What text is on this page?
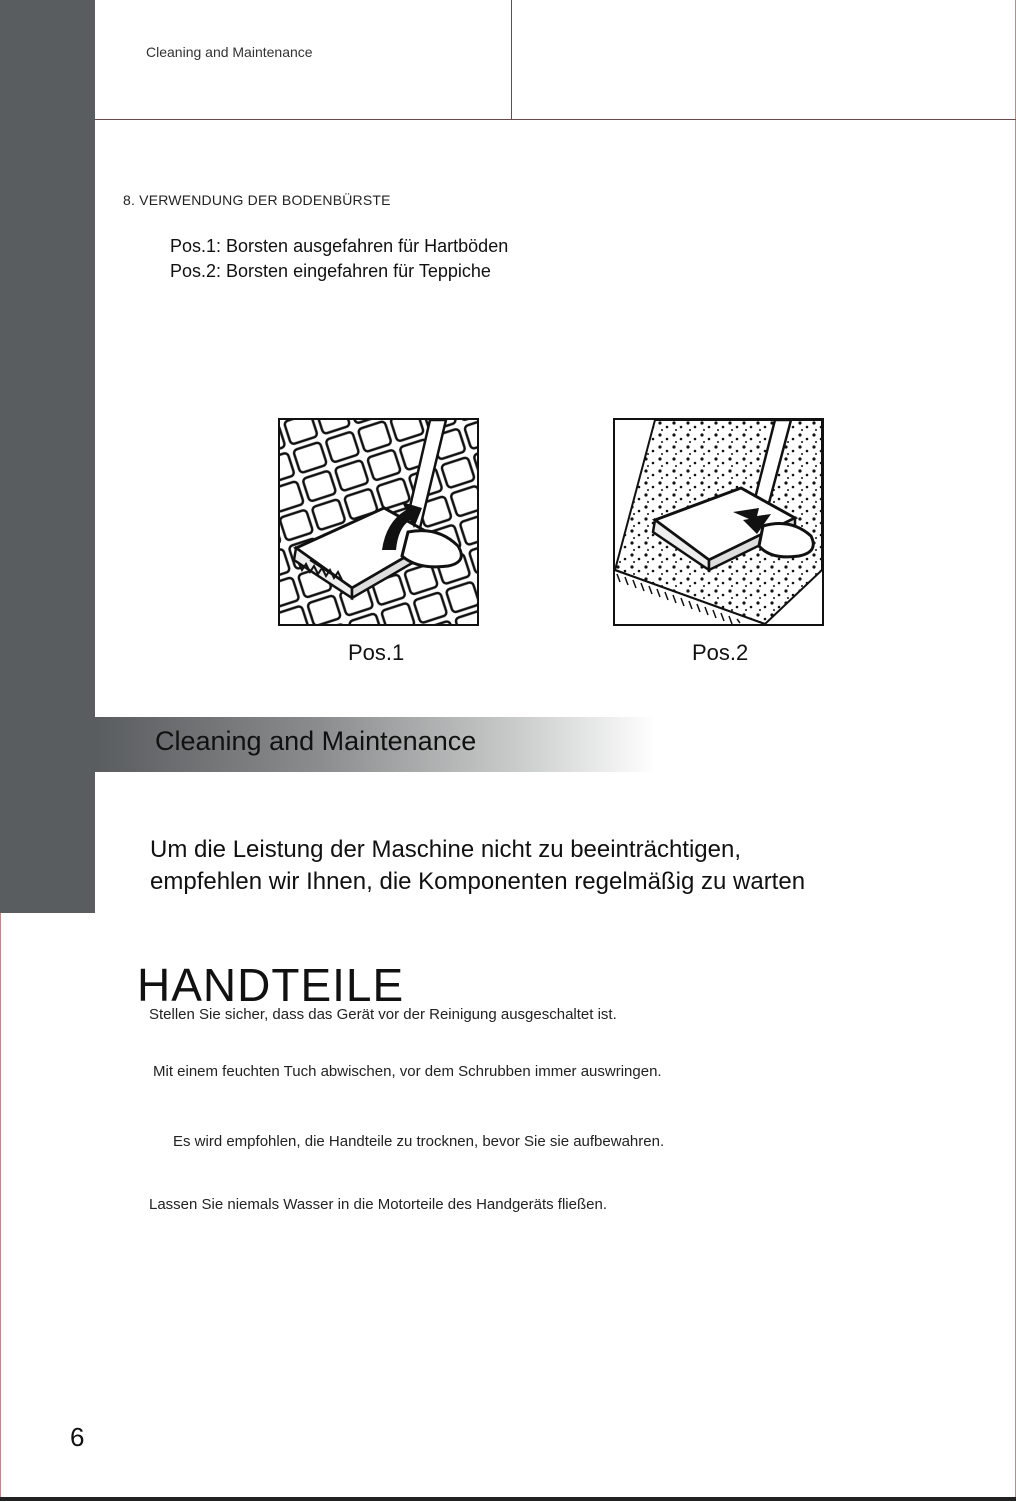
Cleaning and Maintenance
8. VERWENDUNG DER BODENBÜRSTE
Pos.1: Borsten ausgefahren für Hartböden
Pos.2: Borsten eingefahren für Teppiche
Pos.1	Pos.2
Cleaning and Maintenance
Um die Leistung der Maschine nicht zu beeinträchtigen,
empfehlen wir Ihnen, die Komponenten regelmäßig zu warten
HANDTEILE
Stellen Sie sicher, dass das Gerät vor der Reinigung ausgeschaltet ist.
Mit einem feuchten Tuch abwischen, vor dem Schrubben immer auswringen.
Es wird empfohlen, die Handteile zu trocknen, bevor Sie sie aufbewahren.
Lassen Sie niemals Wasser in die Motorteile des Handgeräts fließen.
6
